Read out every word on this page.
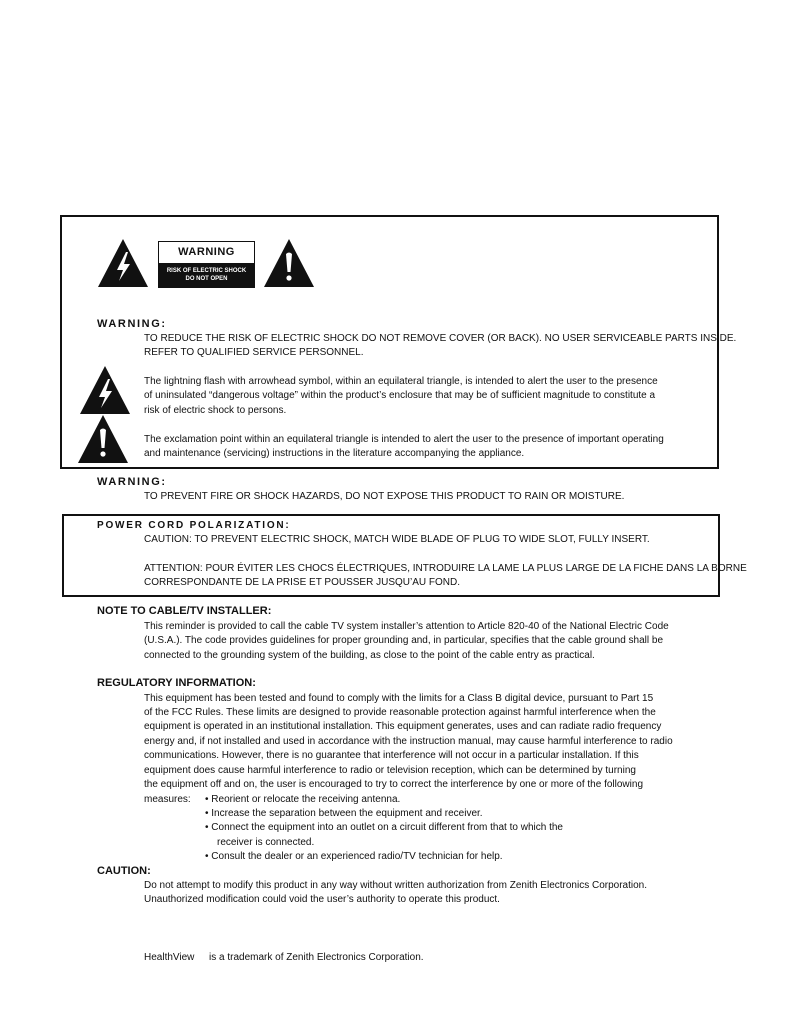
WARNING
RISK OF ELECTRIC SHOCK
DO NOT OPEN
WARNING:
TO REDUCE THE RISK OF ELECTRIC SHOCK DO NOT REMOVE COVER (OR BACK). NO USER SERVICEABLE PARTS INSIDE.
REFER TO QUALIFIED SERVICE PERSONNEL.
The lightning flash with arrowhead symbol, within an equilateral triangle, is intended to alert the user to the presence
of uninsulated “dangerous voltage” within the product’s enclosure that may be of sufficient magnitude to constitute a
risk of electric shock to persons.
The exclamation point within an equilateral triangle is intended to alert the user to the presence of important operating
and maintenance (servicing) instructions in the literature accompanying the appliance.
WARNING:
TO PREVENT FIRE OR SHOCK HAZARDS, DO NOT EXPOSE THIS PRODUCT TO RAIN OR MOISTURE.
POWER CORD POLARIZATION:
CAUTION: TO PREVENT ELECTRIC SHOCK, MATCH WIDE BLADE OF PLUG TO WIDE SLOT, FULLY INSERT.
ATTENTION: POUR ÉVITER LES CHOCS ÉLECTRIQUES, INTRODUIRE LA LAME LA PLUS LARGE DE LA FICHE DANS LA BORNE
CORRESPONDANTE DE LA PRISE ET POUSSER JUSQU’AU FOND.
NOTE TO CABLE/TV INSTALLER:
This reminder is provided to call the cable TV system installer’s attention to Article 820-40 of the National Electric Code
(U.S.A.). The code provides guidelines for proper grounding and, in particular, specifies that the cable ground shall be
connected to the grounding system of the building, as close to the point of the cable entry as practical.
REGULATORY INFORMATION:
This equipment has been tested and found to comply with the limits for a Class B digital device, pursuant to Part 15
of the FCC Rules. These limits are designed to provide reasonable protection against harmful interference when the
equipment is operated in an institutional installation. This equipment generates, uses and can radiate radio frequency
energy and, if not installed and used in accordance with the instruction manual, may cause harmful interference to radio
communications. However, there is no guarantee that interference will not occur in a particular installation. If this
equipment does cause harmful interference to radio or television reception, which can be determined by turning
the equipment off and on, the user is encouraged to try to correct the interference by one or more of the following
measures: • Reorient or relocate the receiving antenna.
• Increase the separation between the equipment and receiver.
• Connect the equipment into an outlet on a circuit different from that to which the
receiver is connected.
• Consult the dealer or an experienced radio/TV technician for help.
CAUTION:
Do not attempt to modify this product in any way without written authorization from Zenith Electronics Corporation.
Unauthorized modification could void the user’s authority to operate this product.
HealthView is a trademark of Zenith Electronics Corporation.
